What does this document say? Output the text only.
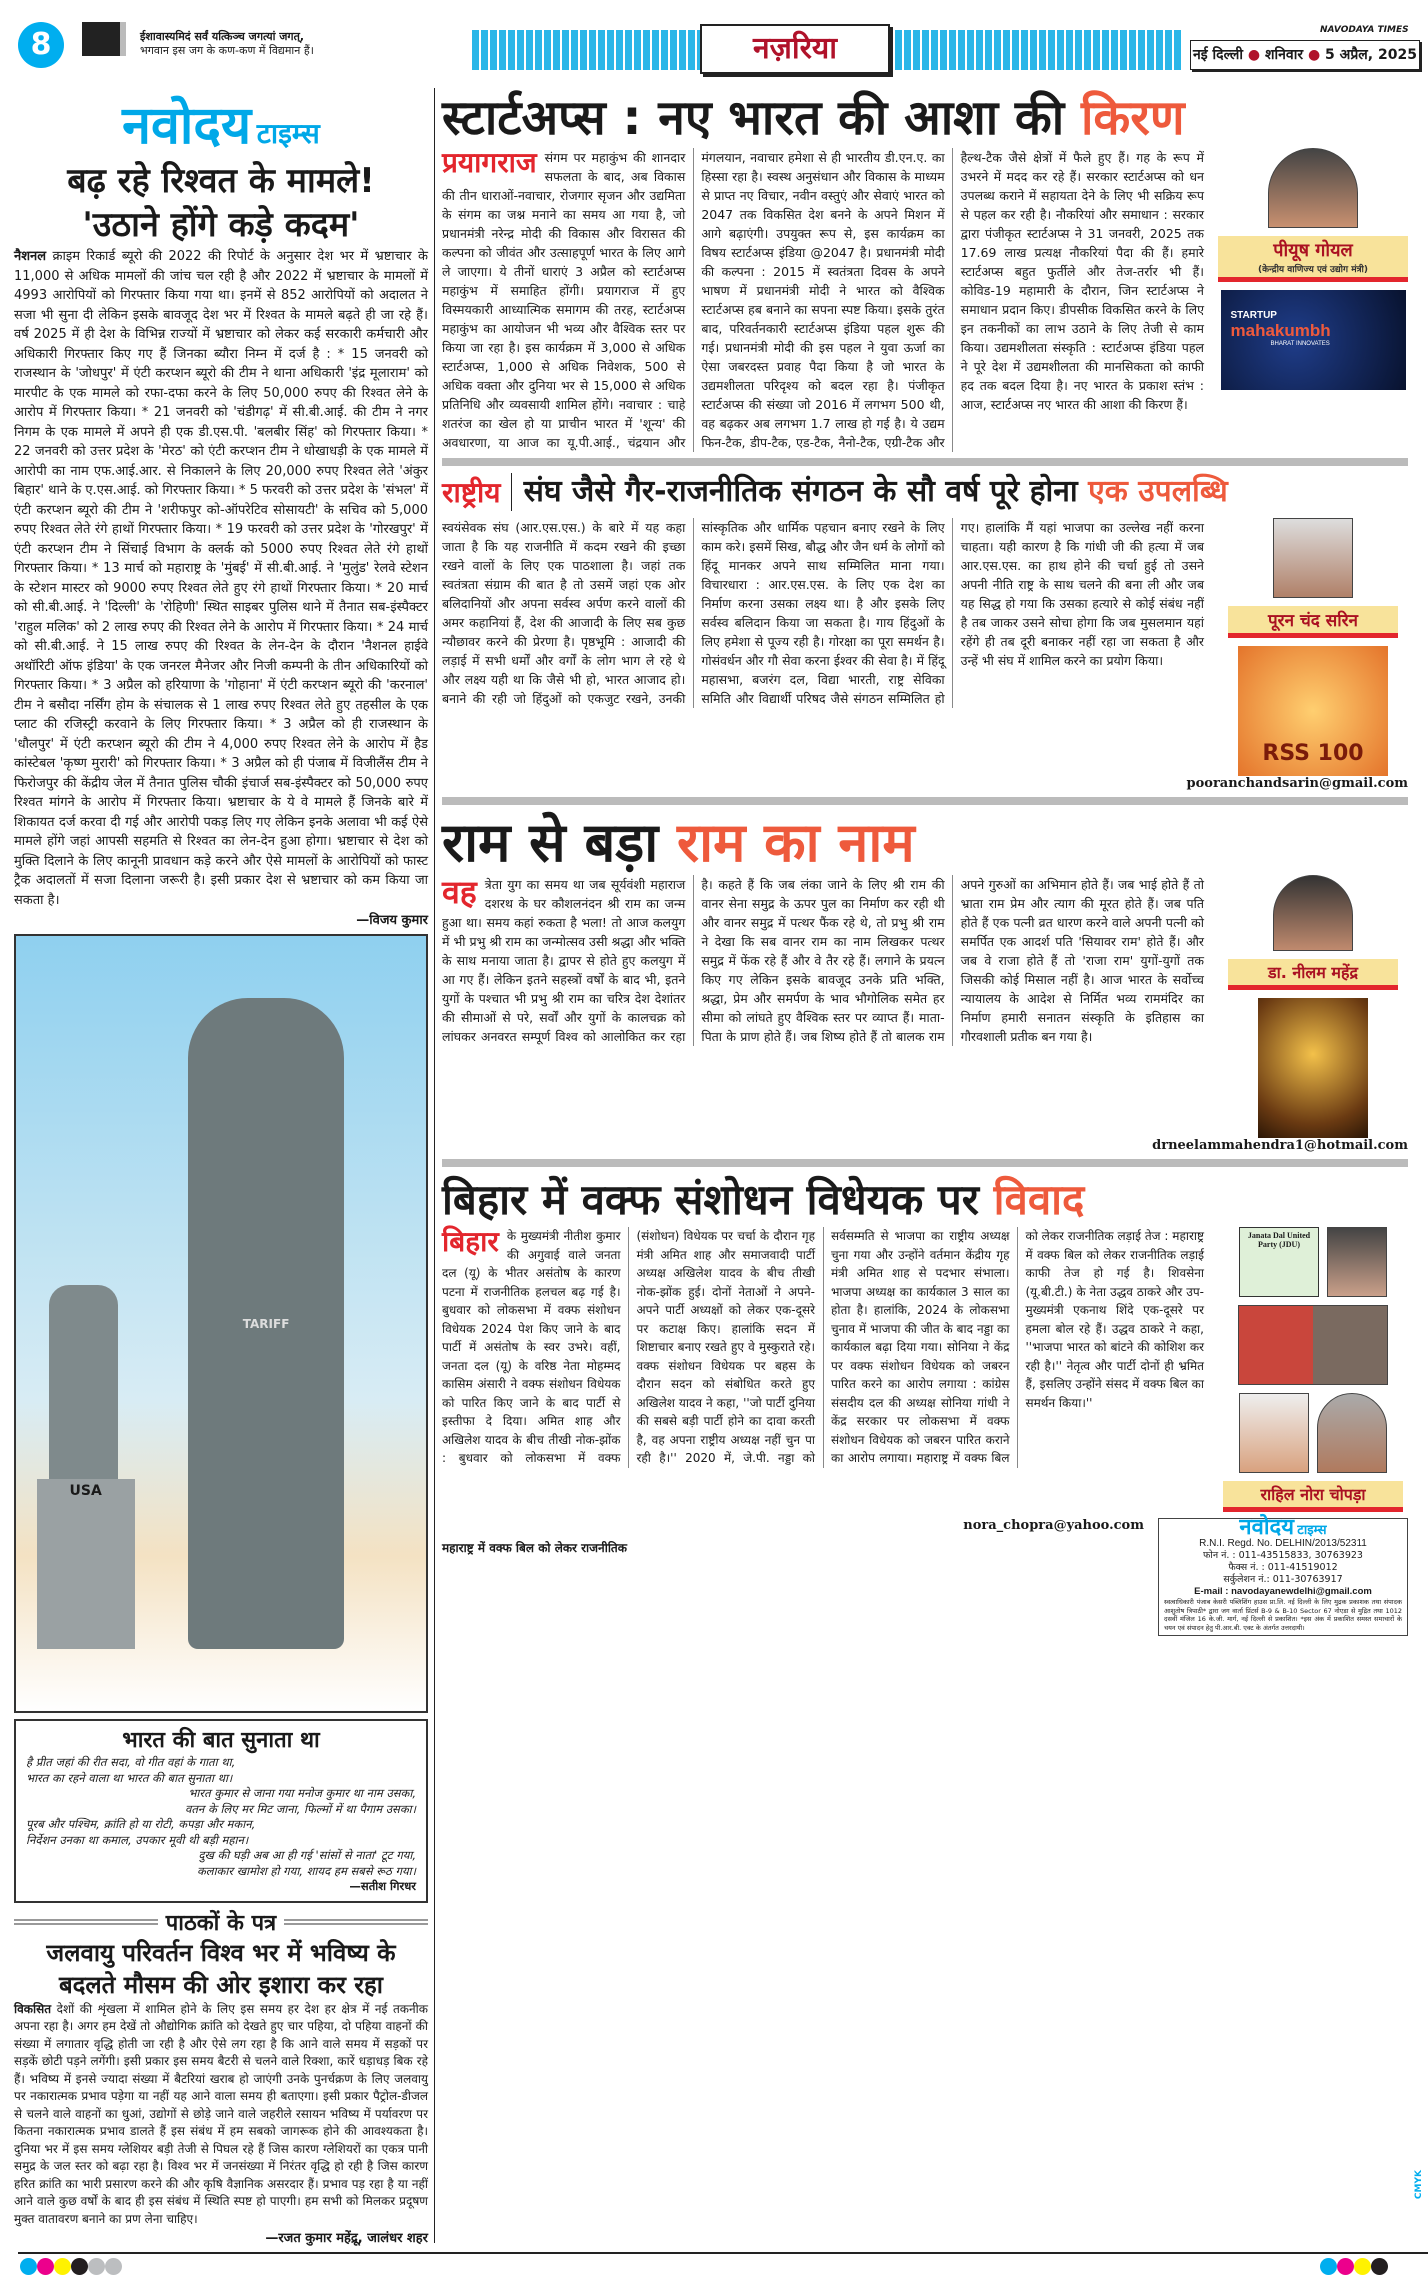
8	ईशावास्यमिदं सर्वं यत्किञ्च जगत्यां जगत्,
भगवान इस जग के कण-कण में विद्यमान हैं।	नज़रिया
NAVODAYA TIMES
नई दिल्ली ● शनिवार ● 5 अप्रैल, 2025
नवोदय टाइम्स
बढ़ रहे रिश्वत के मामले!
'उठाने होंगे कड़े कदम'
नैशनल क्राइम रिकार्ड ब्यूरो की 2022 की रिपोर्ट के अनुसार देश भर में भ्रष्टाचार के 11,000 से अधिक मामलों की जांच चल रही है और 2022 में भ्रष्टाचार के मामलों में 4993 आरोपियों को गिरफ्तार किया गया था। इनमें से 852 आरोपियों को अदालत ने सजा भी सुना दी लेकिन इसके बावजूद देश भर में रिश्वत के मामले बढ़ते ही जा रहे हैं। वर्ष 2025 में ही देश के विभिन्न राज्यों में भ्रष्टाचार को लेकर कई सरकारी कर्मचारी और अधिकारी गिरफ्तार किए गए हैं जिनका ब्यौरा निम्न में दर्ज है : * 15 जनवरी को राजस्थान के 'जोधपुर' में एंटी करप्शन ब्यूरो की टीम ने थाना अधिकारी 'इंद्र मूलाराम' को मारपीट के एक मामले को रफा-दफा करने के लिए 50,000 रुपए की रिश्वत लेने के आरोप में गिरफ्तार किया। * 21 जनवरी को 'चंडीगढ़' में सी.बी.आई. की टीम ने नगर निगम के एक मामले में अपने ही एक डी.एस.पी. 'बलबीर सिंह' को गिरफ्तार किया। * 22 जनवरी को उत्तर प्रदेश के 'मेरठ' को एंटी करप्शन टीम ने धोखाधड़ी के एक मामले में आरोपी का नाम एफ.आई.आर. से निकालने के लिए 20,000 रुपए रिश्वत लेते 'अंकुर बिहार' थाने के ए.एस.आई. को गिरफ्तार किया। * 5 फरवरी को उत्तर प्रदेश के 'संभल' में एंटी करप्शन ब्यूरो की टीम ने 'शरीफपुर को-ऑपरेटिव सोसायटी' के सचिव को 5,000 रुपए रिश्वत लेते रंगे हाथों गिरफ्तार किया। * 19 फरवरी को उत्तर प्रदेश के 'गोरखपुर' में एंटी करप्शन टीम ने सिंचाई विभाग के क्लर्क को 5000 रुपए रिश्वत लेते रंगे हाथों गिरफ्तार किया। * 13 मार्च को महाराष्ट्र के 'मुंबई' में सी.बी.आई. ने 'मुलुंड' रेलवे स्टेशन के स्टेशन मास्टर को 9000 रुपए रिश्वत लेते हुए रंगे हाथों गिरफ्तार किया। * 20 मार्च को सी.बी.आई. ने 'दिल्ली' के 'रोहिणी' स्थित साइबर पुलिस थाने में तैनात सब-इंस्पैक्टर 'राहुल मलिक' को 2 लाख रुपए की रिश्वत लेने के आरोप में गिरफ्तार किया। * 24 मार्च को सी.बी.आई. ने 15 लाख रुपए की रिश्वत के लेन-देन के दौरान 'नैशनल हाईवे अथॉरिटी ऑफ इंडिया' के एक जनरल मैनेजर और निजी कम्पनी के तीन अधिकारियों को गिरफ्तार किया। * 3 अप्रैल को हरियाणा के 'गोहाना' में एंटी करप्शन ब्यूरो की 'करनाल' टीम ने बसौदा नर्सिंग होम के संचालक से 1 लाख रुपए रिश्वत लेते हुए तहसील के एक प्लाट की रजिस्ट्री करवाने के लिए गिरफ्तार किया। * 3 अप्रैल को ही राजस्थान के 'धौलपुर' में एंटी करप्शन ब्यूरो की टीम ने 4,000 रुपए रिश्वत लेने के आरोप में हैड कांस्टेबल 'कृष्ण मुरारी' को गिरफ्तार किया। * 3 अप्रैल को ही पंजाब में विजीलैंस टीम ने फिरोजपुर की केंद्रीय जेल में तैनात पुलिस चौकी इंचार्ज सब-इंस्पैक्टर को 50,000 रुपए रिश्वत मांगने के आरोप में गिरफ्तार किया। भ्रष्टाचार के ये वे मामले हैं जिनके बारे में शिकायत दर्ज करवा दी गई और आरोपी पकड़ लिए गए लेकिन इनके अलावा भी कई ऐसे मामले होंगे जहां आपसी सहमति से रिश्वत का लेन-देन हुआ होगा। भ्रष्टाचार से देश को मुक्ति दिलाने के लिए कानूनी प्रावधान कड़े करने और ऐसे मामलों के आरोपियों को फास्ट ट्रैक अदालतों में सजा दिलाना जरूरी है। इसी प्रकार देश से भ्रष्टाचार को कम किया जा सकता है।
—विजय कुमार
USA
TARIFF
भारत की बात सुनाता था
है प्रीत जहां की रीत सदा, वो गीत वहां के गाता था,
भारत का रहने वाला था भारत की बात सुनाता था।
भारत कुमार से जाना गया मनोज कुमार था नाम उसका,
वतन के लिए मर मिट जाना, फिल्मों में था पैगाम उसका।
पूरब और पश्चिम, क्रांति हो या रोटी, कपड़ा और मकान,
निर्देशन उनका था कमाल, उपकार मूवी थी बड़ी महान।
दुख की घड़ी अब आ ही गई 'सांसों से नाता' टूट गया,
कलाकार खामोश हो गया, शायद हम सबसे रूठ गया।
—सतीश गिरधर
पाठकों के पत्र
जलवायु परिवर्तन विश्व भर में भविष्य के
बदलते मौसम की ओर इशारा कर रहा
विकसित देशों की शृंखला में शामिल होने के लिए इस समय हर देश हर क्षेत्र में नई तकनीक अपना रहा है। अगर हम देखें तो औद्योगिक क्रांति को देखते हुए चार पहिया, दो पहिया वाहनों की संख्या में लगातार वृद्धि होती जा रही है और ऐसे लग रहा है कि आने वाले समय में सड़कों पर सड़कें छोटी पड़ने लगेंगी। इसी प्रकार इस समय बैटरी से चलने वाले रिक्शा, कारें धड़ाधड़ बिक रहे हैं। भविष्य में इनसे ज्यादा संख्या में बैटरियां खराब हो जाएंगी उनके पुनर्चक्रण के लिए जलवायु पर नकारात्मक प्रभाव पड़ेगा या नहीं यह आने वाला समय ही बताएगा। इसी प्रकार पैट्रोल-डीजल से चलने वाले वाहनों का धुआं, उद्योगों से छोड़े जाने वाले जहरीले रसायन भविष्य में पर्यावरण पर कितना नकारात्मक प्रभाव डालते हैं इस संबंध में हम सबको जागरूक होने की आवश्यकता है। दुनिया भर में इस समय ग्लेशियर बड़ी तेजी से पिघल रहे हैं जिस कारण ग्लेशियरों का एकत्र पानी समुद्र के जल स्तर को बढ़ा रहा है। विश्व भर में जनसंख्या में निरंतर वृद्धि हो रही है जिस कारण हरित क्रांति का भारी प्रसारण करने की और कृषि वैज्ञानिक असरदार हैं। प्रभाव पड़ रहा है या नहीं आने वाले कुछ वर्षों के बाद ही इस संबंध में स्थिति स्पष्ट हो पाएगी। हम सभी को मिलकर प्रदूषण मुक्त वातावरण बनाने का प्रण लेना चाहिए।
—रजत कुमार महेंद्रू, जालंधर शहर
स्टार्टअप्स : नए भारत की आशा की किरण
प्रयागराज संगम पर महाकुंभ की शानदार सफलता के बाद, अब विकास की तीन धाराओं-नवाचार, रोजगार सृजन और उद्यमिता के संगम का जश्न मनाने का समय आ गया है, जो प्रधानमंत्री नरेन्द्र मोदी की विकास और विरासत की कल्पना को जीवंत और उत्साहपूर्ण भारत के लिए आगे ले जाएगा। ये तीनों धाराएं 3 अप्रैल को स्टार्टअप्स महाकुंभ में समाहित होंगी। प्रयागराज में हुए विस्मयकारी आध्यात्मिक समागम की तरह, स्टार्टअप्स महाकुंभ का आयोजन भी भव्य और वैश्विक स्तर पर किया जा रहा है। इस कार्यक्रम में 3,000 से अधिक स्टार्टअप्स, 1,000 से अधिक निवेशक, 500 से अधिक वक्ता और दुनिया भर से 15,000 से अधिक प्रतिनिधि और व्यवसायी शामिल होंगे। नवाचार : चाहे शतरंज का खेल हो या प्राचीन भारत में 'शून्य' की अवधारणा, या आज का यू.पी.आई., चंद्रयान और मंगलयान, नवाचार हमेशा से ही भारतीय डी.एन.ए. का हिस्सा रहा है। स्वस्थ अनुसंधान और विकास के माध्यम से प्राप्त नए विचार, नवीन वस्तुएं और सेवाएं भारत को 2047 तक विकसित देश बनने के अपने मिशन में आगे बढ़ाएंगी। उपयुक्त रूप से, इस कार्यक्रम का विषय स्टार्टअप्स इंडिया @2047 है। प्रधानमंत्री मोदी की कल्पना : 2015 में स्वतंत्रता दिवस के अपने भाषण में प्रधानमंत्री मोदी ने भारत को वैश्विक स्टार्टअप्स हब बनाने का सपना स्पष्ट किया। इसके तुरंत बाद, परिवर्तनकारी स्टार्टअप्स इंडिया पहल शुरू की गई। प्रधानमंत्री मोदी की इस पहल ने युवा ऊर्जा का ऐसा जबरदस्त प्रवाह पैदा किया है जो भारत के उद्यमशीलता परिदृश्य को बदल रहा है। पंजीकृत स्टार्टअप्स की संख्या जो 2016 में लगभग 500 थी, वह बढ़कर अब लगभग 1.7 लाख हो गई है। ये उद्यम फिन-टैक, डीप-टैक, एड-टैक, नैनो-टैक, एग्री-टैक और हैल्थ-टैक जैसे क्षेत्रों में फैले हुए हैं। गह के रूप में उभरने में मदद कर रहे हैं। सरकार स्टार्टअप्स को धन उपलब्ध कराने में सहायता देने के लिए भी सक्रिय रूप से पहल कर रही है। नौकरियां और समाधान : सरकार द्वारा पंजीकृत स्टार्टअप्स ने 31 जनवरी, 2025 तक 17.69 लाख प्रत्यक्ष नौकरियां पैदा की हैं। हमारे स्टार्टअप्स बहुत फुर्तीले और तेज-तर्रार भी हैं। कोविड-19 महामारी के दौरान, जिन स्टार्टअप्स ने समाधान प्रदान किए। डीपसीक विकसित करने के लिए इन तकनीकों का लाभ उठाने के लिए तेजी से काम किया। उद्यमशीलता संस्कृति : स्टार्टअप्स इंडिया पहल ने पूरे देश में उद्यमशीलता की मानसिकता को काफी हद तक बदल दिया है। नए भारत के प्रकाश स्तंभ : आज, स्टार्टअप्स नए भारत की आशा की किरण हैं।
पीयूष गोयल
(केन्द्रीय वाणिज्य एवं उद्योग मंत्री)
STARTUP
mahakumbh
BHARAT INNOVATES
राष्ट्रीय संघ जैसे गैर-राजनीतिक संगठन के सौ वर्ष पूरे होना एक उपलब्धि
स्वयंसेवक संघ (आर.एस.एस.) के बारे में यह कहा जाता है कि यह राजनीति में कदम रखने की इच्छा रखने वालों के लिए एक पाठशाला है। जहां तक स्वतंत्रता संग्राम की बात है तो उसमें जहां एक ओर बलिदानियों और अपना सर्वस्व अर्पण करने वालों की अमर कहानियां हैं, देश की आजादी के लिए सब कुछ न्यौछावर करने की प्रेरणा है। पृष्ठभूमि : आजादी की लड़ाई में सभी धर्मों और वर्गों के लोग भाग ले रहे थे और लक्ष्य यही था कि जैसे भी हो, भारत आजाद हो। बनाने की रही जो हिंदुओं को एकजुट रखने, उनकी सांस्कृतिक और धार्मिक पहचान बनाए रखने के लिए काम करे। इसमें सिख, बौद्ध और जैन धर्म के लोगों को हिंदू मानकर अपने साथ सम्मिलित माना गया। विचारधारा : आर.एस.एस. के लिए एक देश का निर्माण करना उसका लक्ष्य था। है और इसके लिए सर्वस्व बलिदान किया जा सकता है। गाय हिंदुओं के लिए हमेशा से पूज्य रही है। गोरक्षा का पूरा समर्थन है। गोसंवर्धन और गौ सेवा करना ईश्वर की सेवा है। में हिंदू महासभा, बजरंग दल, विद्या भारती, राष्ट्र सेविका समिति और विद्यार्थी परिषद जैसे संगठन सम्मिलित हो गए। हालांकि मैं यहां भाजपा का उल्लेख नहीं करना चाहता। यही कारण है कि गांधी जी की हत्या में जब आर.एस.एस. का हाथ होने की चर्चा हुई तो उसने अपनी नीति राष्ट्र के साथ चलने की बना ली और जब यह सिद्ध हो गया कि उसका हत्यारे से कोई संबंध नहीं है तब जाकर उसने सोचा होगा कि जब मुसलमान यहां रहेंगे ही तब दूरी बनाकर नहीं रहा जा सकता है और उन्हें भी संघ में शामिल करने का प्रयोग किया।
पूरन चंद सरिन
RSS 100
pooranchandsarin@gmail.com
राम से बड़ा राम का नाम
वह त्रेता युग का समय था जब सूर्यवंशी महाराज दशरथ के घर कौशलनंदन श्री राम का जन्म हुआ था। समय कहां रुकता है भला! तो आज कलयुग में भी प्रभु श्री राम का जन्मोत्सव उसी श्रद्धा और भक्ति के साथ मनाया जाता है। द्वापर से होते हुए कलयुग में आ गए हैं। लेकिन इतने सहस्त्रों वर्षों के बाद भी, इतने युगों के पश्चात भी प्रभु श्री राम का चरित्र देश देशांतर की सीमाओं से परे, सर्वों और युगों के कालचक्र को लांघकर अनवरत सम्पूर्ण विश्व को आलोकित कर रहा है। कहते हैं कि जब लंका जाने के लिए श्री राम की वानर सेना समुद्र के ऊपर पुल का निर्माण कर रही थी और वानर समुद्र में पत्थर फैंक रहे थे, तो प्रभु श्री राम ने देखा कि सब वानर राम का नाम लिखकर पत्थर समुद्र में फेंक रहे हैं और वे तैर रहे हैं। लगाने के प्रयत्न किए गए लेकिन इसके बावजूद उनके प्रति भक्ति, श्रद्धा, प्रेम और समर्पण के भाव भौगोलिक समेत हर सीमा को लांघते हुए वैश्विक स्तर पर व्याप्त हैं। माता-पिता के प्राण होते हैं। जब शिष्य होते हैं तो बालक राम अपने गुरुओं का अभिमान होते हैं। जब भाई होते हैं तो भ्राता राम प्रेम और त्याग की मूरत होते हैं। जब पति होते हैं एक पत्नी व्रत धारण करने वाले अपनी पत्नी को समर्पित एक आदर्श पति 'सियावर राम' होते हैं। और जब वे राजा होते हैं तो 'राजा राम' युगों-युगों तक जिसकी कोई मिसाल नहीं है। आज भारत के सर्वोच्च न्यायालय के आदेश से निर्मित भव्य राममंदिर का निर्माण हमारी सनातन संस्कृति के इतिहास का गौरवशाली प्रतीक बन गया है।
डा. नीलम महेंद्र
drneelammahendra1@hotmail.com
बिहार में वक्फ संशोधन विधेयक पर विवाद
बिहार के मुख्यमंत्री नीतीश कुमार की अगुवाई वाले जनता दल (यू) के भीतर असंतोष के कारण पटना में राजनीतिक हलचल बढ़ गई है। बुधवार को लोकसभा में वक्फ संशोधन विधेयक 2024 पेश किए जाने के बाद पार्टी में असंतोष के स्वर उभरे। वहीं, जनता दल (यू) के वरिष्ठ नेता मोहम्मद कासिम अंसारी ने वक्फ संशोधन विधेयक को पारित किए जाने के बाद पार्टी से इस्तीफा दे दिया। अमित शाह और अखिलेश यादव के बीच तीखी नोक-झोंक : बुधवार को लोकसभा में वक्फ (संशोधन) विधेयक पर चर्चा के दौरान गृह मंत्री अमित शाह और समाजवादी पार्टी अध्यक्ष अखिलेश यादव के बीच तीखी नोक-झोंक हुई। दोनों नेताओं ने अपने-अपने पार्टी अध्यक्षों को लेकर एक-दूसरे पर कटाक्ष किए। हालांकि सदन में शिष्टाचार बनाए रखते हुए वे मुस्कुराते रहे। वक्फ संशोधन विधेयक पर बहस के दौरान सदन को संबोधित करते हुए अखिलेश यादव ने कहा, ''जो पार्टी दुनिया की सबसे बड़ी पार्टी होने का दावा करती है, वह अपना राष्ट्रीय अध्यक्ष नहीं चुन पा रही है।'' 2020 में, जे.पी. नड्डा को सर्वसम्मति से भाजपा का राष्ट्रीय अध्यक्ष चुना गया और उन्होंने वर्तमान केंद्रीय गृह मंत्री अमित शाह से पदभार संभाला। भाजपा अध्यक्ष का कार्यकाल 3 साल का होता है। हालांकि, 2024 के लोकसभा चुनाव में भाजपा की जीत के बाद नड्डा का कार्यकाल बढ़ा दिया गया। सोनिया ने केंद्र पर वक्फ संशोधन विधेयक को जबरन पारित करने का आरोप लगाया : कांग्रेस संसदीय दल की अध्यक्ष सोनिया गांधी ने केंद्र सरकार पर लोकसभा में वक्फ संशोधन विधेयक को जबरन पारित कराने का आरोप लगाया। महाराष्ट्र में वक्फ बिल को लेकर राजनीतिक लड़ाई तेज : महाराष्ट्र में वक्फ बिल को लेकर राजनीतिक लड़ाई काफी तेज हो गई है। शिवसेना (यू.बी.टी.) के नेता उद्धव ठाकरे और उप-मुख्यमंत्री एकनाथ शिंदे एक-दूसरे पर हमला बोल रहे हैं। उद्धव ठाकरे ने कहा, ''भाजपा भारत को बांटने की कोशिश कर रही है।'' नेतृत्व और पार्टी दोनों ही भ्रमित हैं, इसलिए उन्होंने संसद में वक्फ बिल का समर्थन किया।''
Janata Dal United Party (JDU)
राहिल नोरा चोपड़ा
nora_chopra@yahoo.com
महाराष्ट्र में वक्फ बिल को लेकर राजनीतिक
नवोदय टाइम्स
R.N.I. Regd. No. DELHIN/2013/52311
फोन नं. : 011-43515833, 30763923
फैक्स नं. : 011-41519012
सर्कुलेशन नं.: 011-30763917
E-mail : navodayanewdelhi@gmail.com
स्वत्वाधिकारी पंजाब केसरी पब्लिशिंग हाउस प्रा.लि. नई दिल्ली के लिए मुद्रक प्रकाशक तथा संपादक आशुतोष त्रिपाठी* द्वारा जग वार्ता प्रिंटर्स B-9 & B-10 Sector 67 नोएडा से मुद्रित तथा 1012 दसवीं मंजिल 16 के.जी. मार्ग, नई दिल्ली से प्रकाशित। *इस अंक में प्रकाशित समस्त समाचारों के चयन एवं संपादन हेतु पी.आर.बी. एक्ट के अंतर्गत उत्तरदायी।
CMYK
